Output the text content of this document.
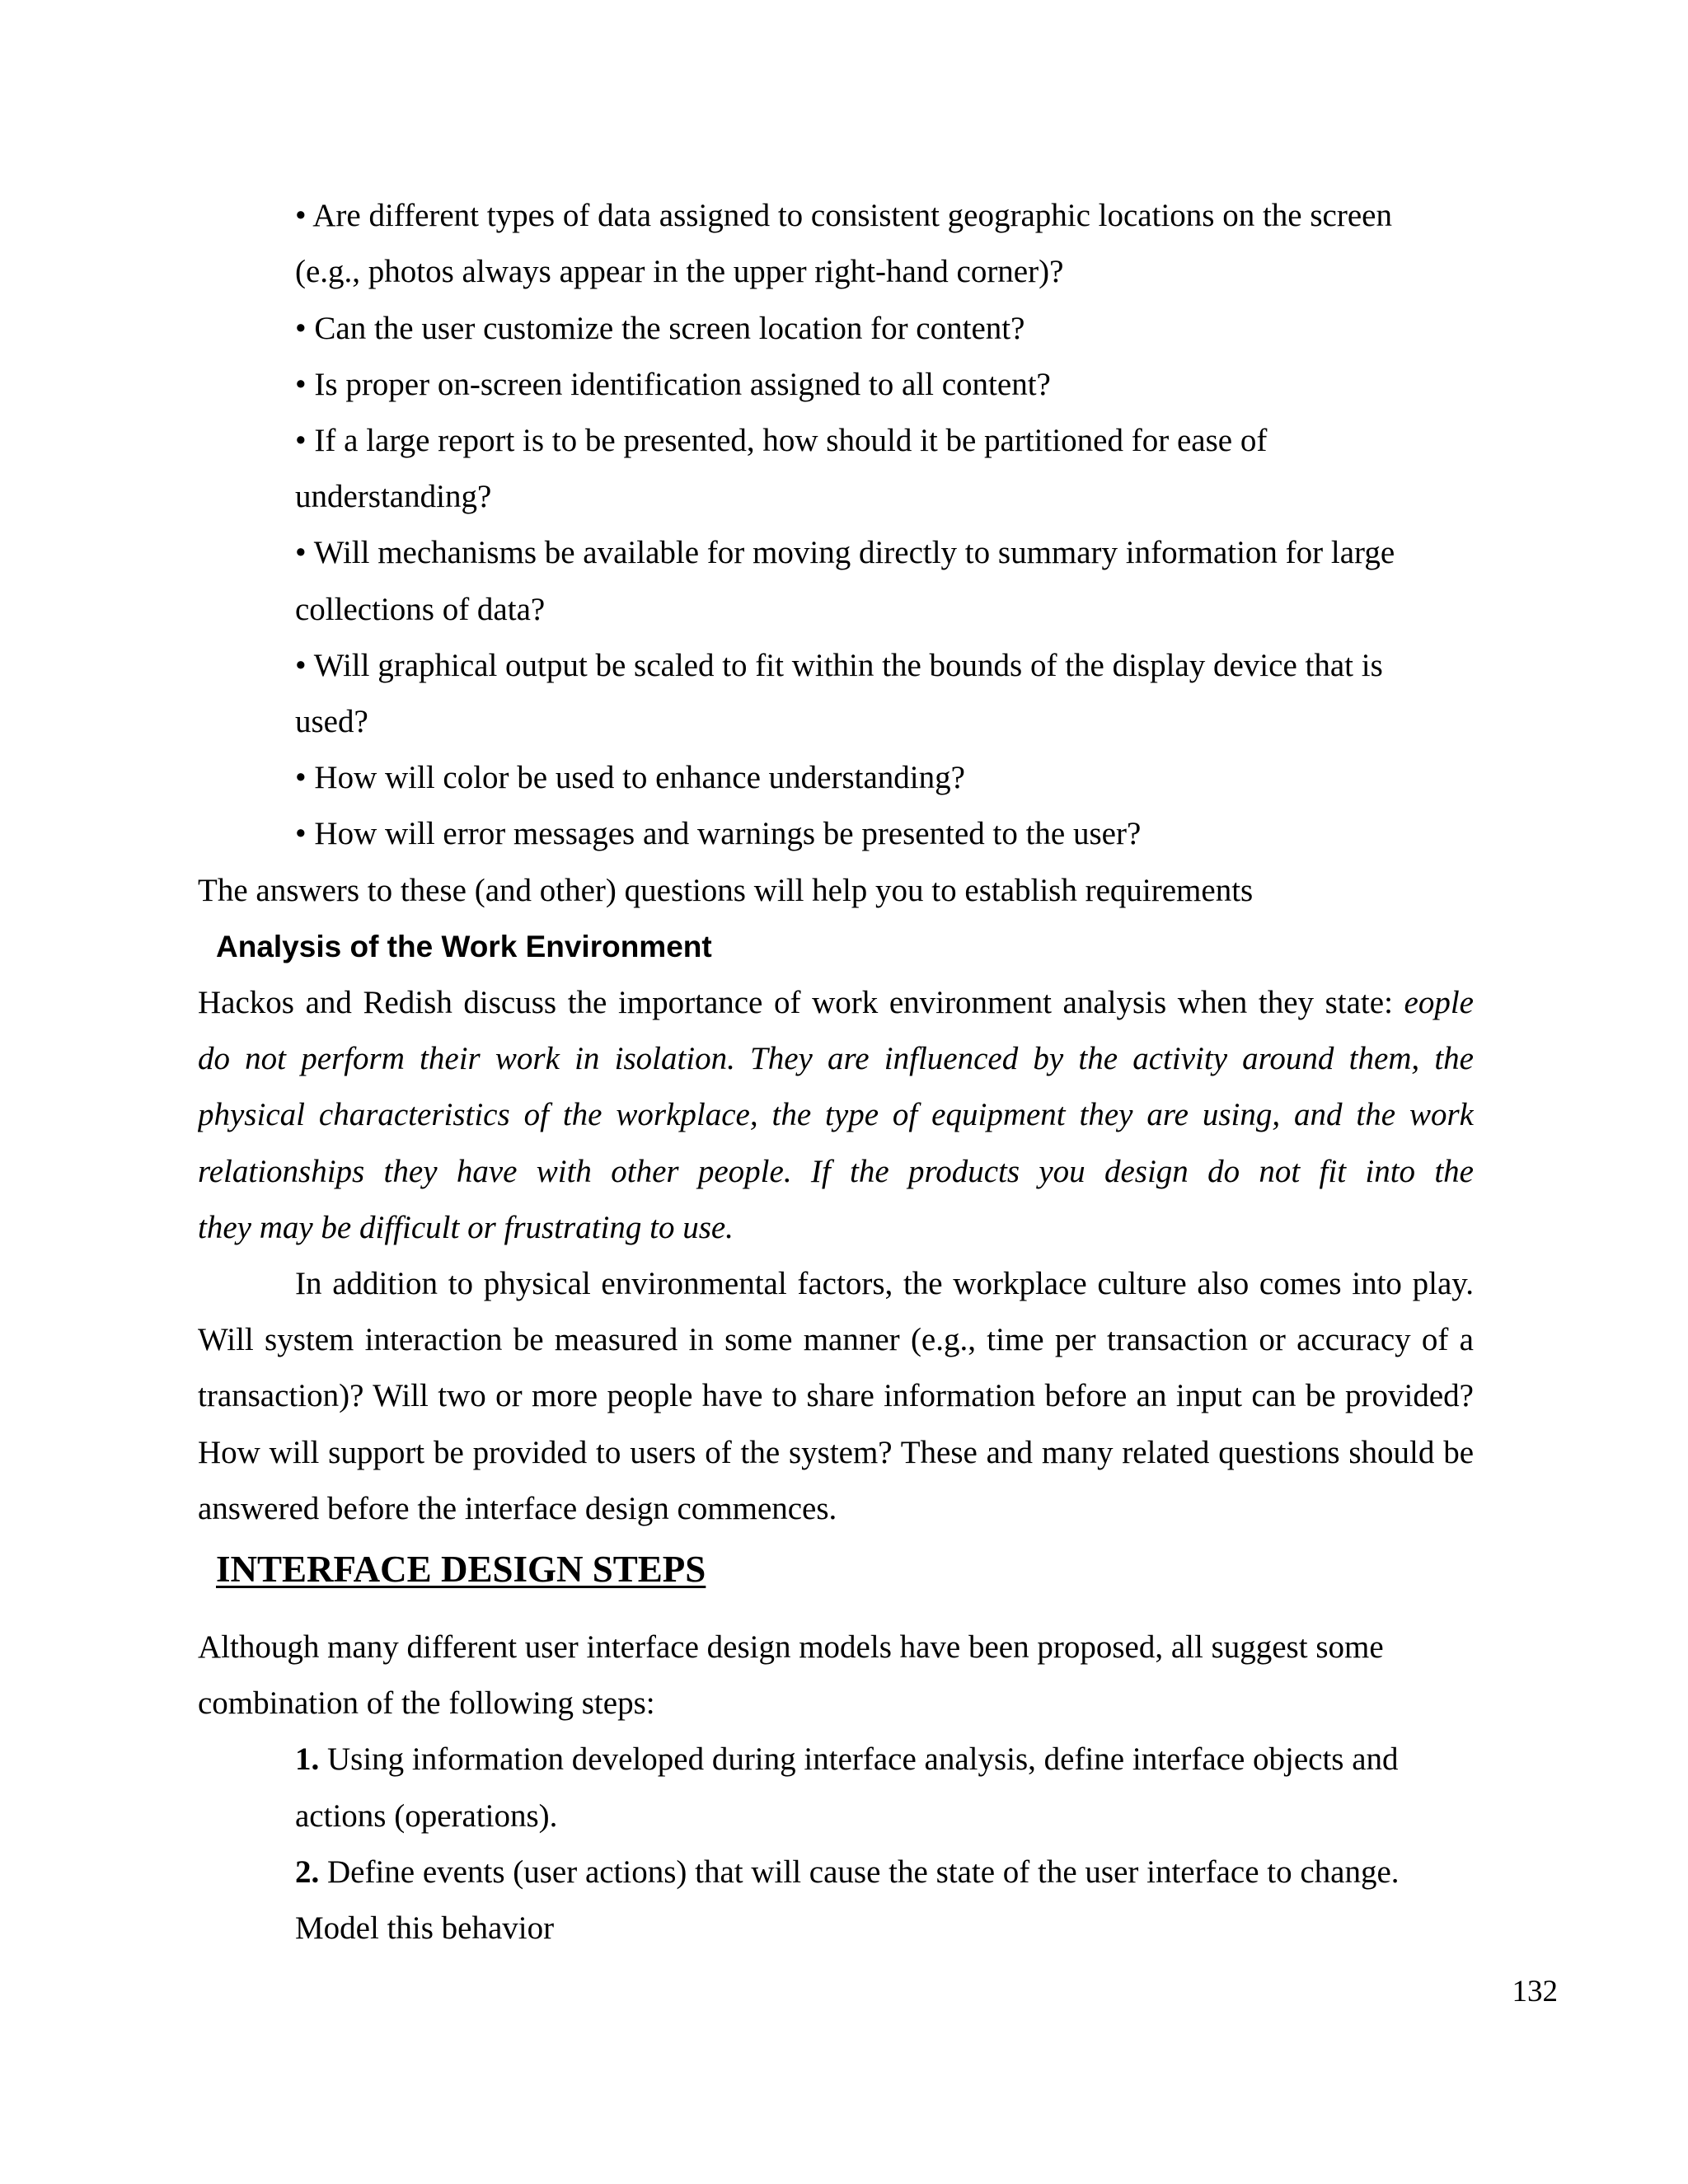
• Are different types of data assigned to consistent geographic locations on the screen
(e.g., photos always appear in the upper right-hand corner)?
• Can the user customize the screen location for content?
• Is proper on-screen identification assigned to all content?
• If a large report is to be presented, how should it be partitioned for ease of
understanding?
• Will mechanisms be available for moving directly to summary information for large
collections of data?
• Will graphical output be scaled to fit within the bounds of the display device that is
used?
• How will color be used to enhance understanding?
• How will error messages and warnings be presented to the user?
The answers to these (and other) questions will help you to establish requirements
Analysis of the Work Environment
Hackos and Redish discuss the importance of work environment analysis when they state: eople
do not perform their work in isolation. They are influenced by the activity around them, the
physical characteristics of the workplace, the type of equipment they are using, and the work
relationships they have with other people. If the products you design do not fit into the
they may be difficult or frustrating to use.
In addition to physical environmental factors, the workplace culture also comes into play.
Will system interaction be measured in some manner (e.g., time per transaction or accuracy of a
transaction)? Will two or more people have to share information before an input can be provided?
How will support be provided to users of the system? These and many related questions should be
answered before the interface design commences.
INTERFACE DESIGN STEPS
Although many different user interface design models have been proposed, all suggest some
combination of the following steps:
1. Using information developed during interface analysis, define interface objects and
actions (operations).
2. Define events (user actions) that will cause the state of the user interface to change.
Model this behavior
132
